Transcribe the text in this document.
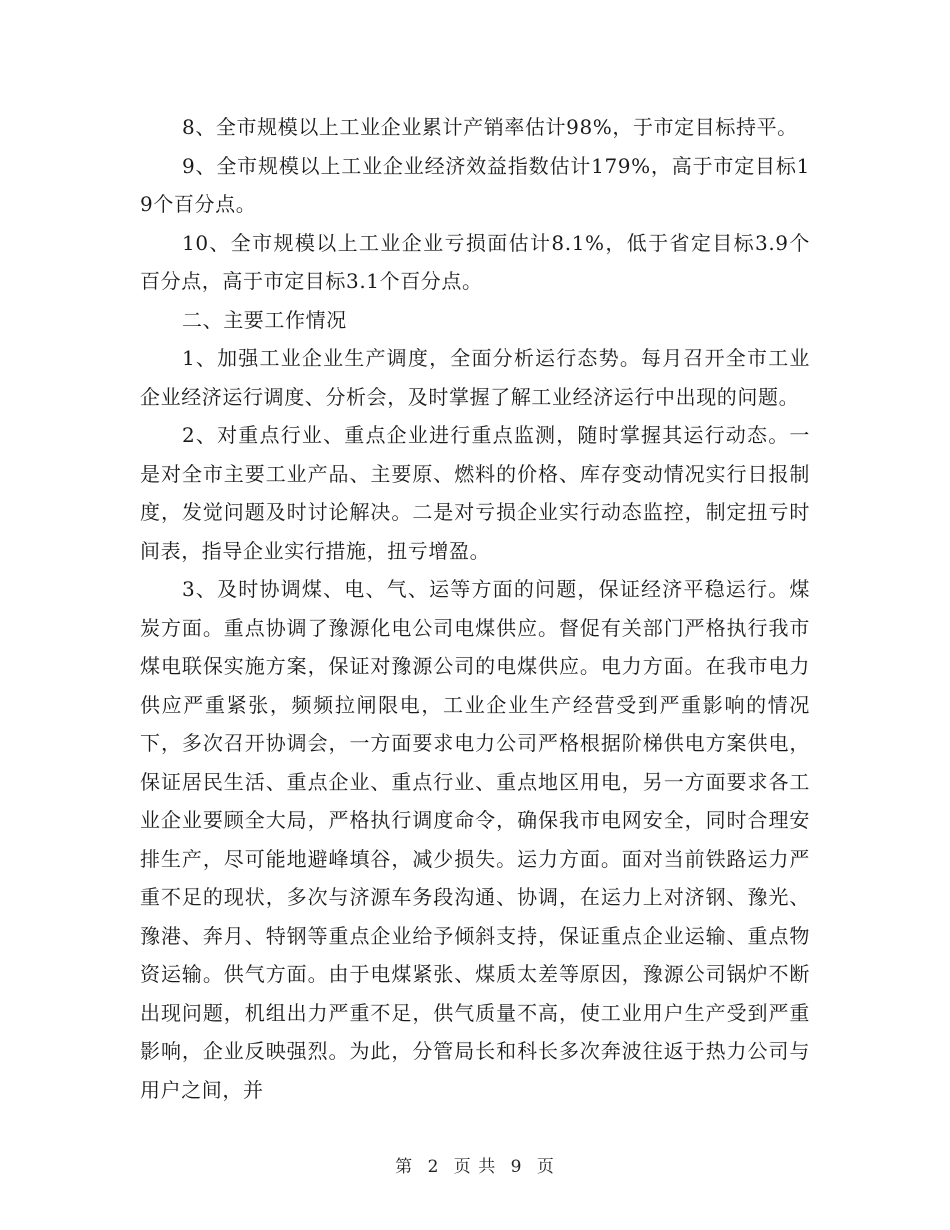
8、全市规模以上工业企业累计产销率估计98%，于市定目标持平。

9、全市规模以上工业企业经济效益指数估计179%，高于市定目标19个百分点。

10、全市规模以上工业企业亏损面估计8.1%，低于省定目标3.9个百分点，高于市定目标3.1个百分点。

二、主要工作情况

1、加强工业企业生产调度，全面分析运行态势。每月召开全市工业企业经济运行调度、分析会，及时掌握了解工业经济运行中出现的问题。

2、对重点行业、重点企业进行重点监测，随时掌握其运行动态。一是对全市主要工业产品、主要原、燃料的价格、库存变动情况实行日报制度，发觉问题及时讨论解决。二是对亏损企业实行动态监控，制定扭亏时间表，指导企业实行措施，扭亏增盈。

3、及时协调煤、电、气、运等方面的问题，保证经济平稳运行。煤炭方面。重点协调了豫源化电公司电煤供应。督促有关部门严格执行我市煤电联保实施方案，保证对豫源公司的电煤供应。电力方面。在我市电力供应严重紧张，频频拉闸限电，工业企业生产经营受到严重影响的情况下，多次召开协调会，一方面要求电力公司严格根据阶梯供电方案供电，保证居民生活、重点企业、重点行业、重点地区用电，另一方面要求各工业企业要顾全大局，严格执行调度命令，确保我市电网安全，同时合理安排生产，尽可能地避峰填谷，减少损失。运力方面。面对当前铁路运力严重不足的现状，多次与济源车务段沟通、协调，在运力上对济钢、豫光、豫港、奔月、特钢等重点企业给予倾斜支持，保证重点企业运输、重点物资运输。供气方面。由于电煤紧张、煤质太差等原因，豫源公司锅炉不断出现问题，机组出力严重不足，供气质量不高，使工业用户生产受到严重影响，企业反映强烈。为此，分管局长和科长多次奔波往返于热力公司与用户之间，并

第 2 页 共 9 页
